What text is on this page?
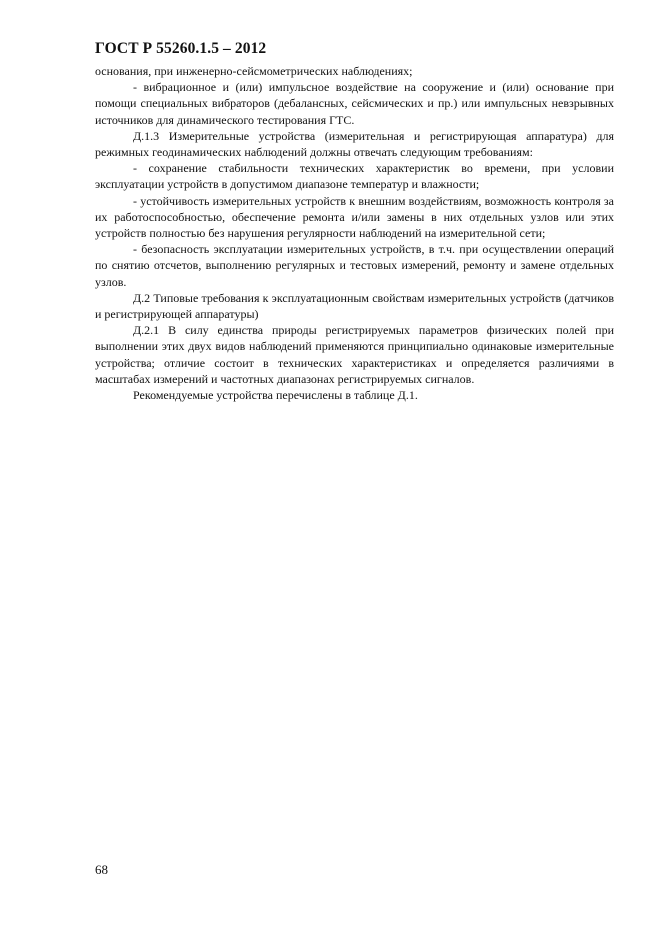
ГОСТ Р 55260.1.5 – 2012

основания, при инженерно-сейсмометрических наблюдениях;

- вибрационное и (или) импульсное воздействие на сооружение и (или) основание при помощи специальных вибраторов (дебалансных, сейсмических и пр.) или импульсных невзрывных источников для динамического тестирования ГТС.

Д.1.3 Измерительные устройства (измерительная и регистрирующая аппаратура) для режимных геодинамических наблюдений должны отвечать следующим требованиям:

- сохранение стабильности технических характеристик во времени, при условии эксплуатации устройств в допустимом диапазоне температур и влажности;

- устойчивость измерительных устройств к внешним воздействиям, возможность контроля за их работоспособностью, обеспечение ремонта и/или замены в них отдельных узлов или этих устройств полностью без нарушения регулярности наблюдений на измерительной сети;

- безопасность эксплуатации измерительных устройств, в т.ч. при осуществлении операций по снятию отсчетов, выполнению регулярных и тестовых измерений, ремонту и замене отдельных узлов.

Д.2 Типовые требования к эксплуатационным свойствам измерительных устройств (датчиков и регистрирующей аппаратуры)

Д.2.1 В силу единства природы регистрируемых параметров физических полей при выполнении этих двух видов наблюдений применяются принципиально одинаковые измерительные устройства; отличие состоит в технических характеристиках и определяется различиями в масштабах измерений и частотных диапазонах регистрируемых сигналов.

Рекомендуемые устройства перечислены в таблице Д.1.

68
